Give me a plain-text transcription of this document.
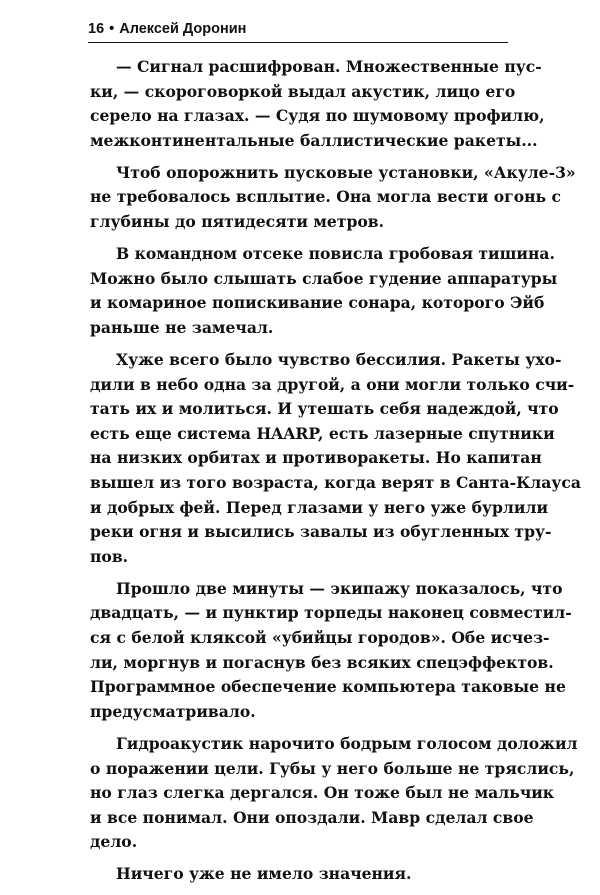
16 • Алексей Доронин
— Сигнал расшифрован. Множественные пус-
ки, — скороговоркой выдал акустик, лицо его
серело на глазах. — Судя по шумовому профилю,
межконтинентальные баллистические ракеты...
Чтоб опорожнить пусковые установки, «Акуле-3»
не требовалось всплытие. Она могла вести огонь с
глубины до пятидесяти метров.
В командном отсеке повисла гробовая тишина.
Можно было слышать слабое гудение аппаратуры
и комариное попискивание сонара, которого Эйб
раньше не замечал.
Хуже всего было чувство бессилия. Ракеты ухо-
дили в небо одна за другой, а они могли только счи-
тать их и молиться. И утешать себя надеждой, что
есть еще система HAARP, есть лазерные спутники
на низких орбитах и противоракеты. Но капитан
вышел из того возраста, когда верят в Санта-Клауса
и добрых фей. Перед глазами у него уже бурлили
реки огня и высились завалы из обугленных тру-
пов.
Прошло две минуты — экипажу показалось, что
двадцать, — и пунктир торпеды наконец совместил-
ся с белой кляксой «убийцы городов». Обе исчез-
ли, моргнув и погаснув без всяких спецэффектов.
Программное обеспечение компьютера таковые не
предусматривало.
Гидроакустик нарочито бодрым голосом доложил
о поражении цели. Губы у него больше не тряслись,
но глаз слегка дергался. Он тоже был не мальчик
и все понимал. Они опоздали. Мавр сделал свое
дело.
Ничего уже не имело значения.
